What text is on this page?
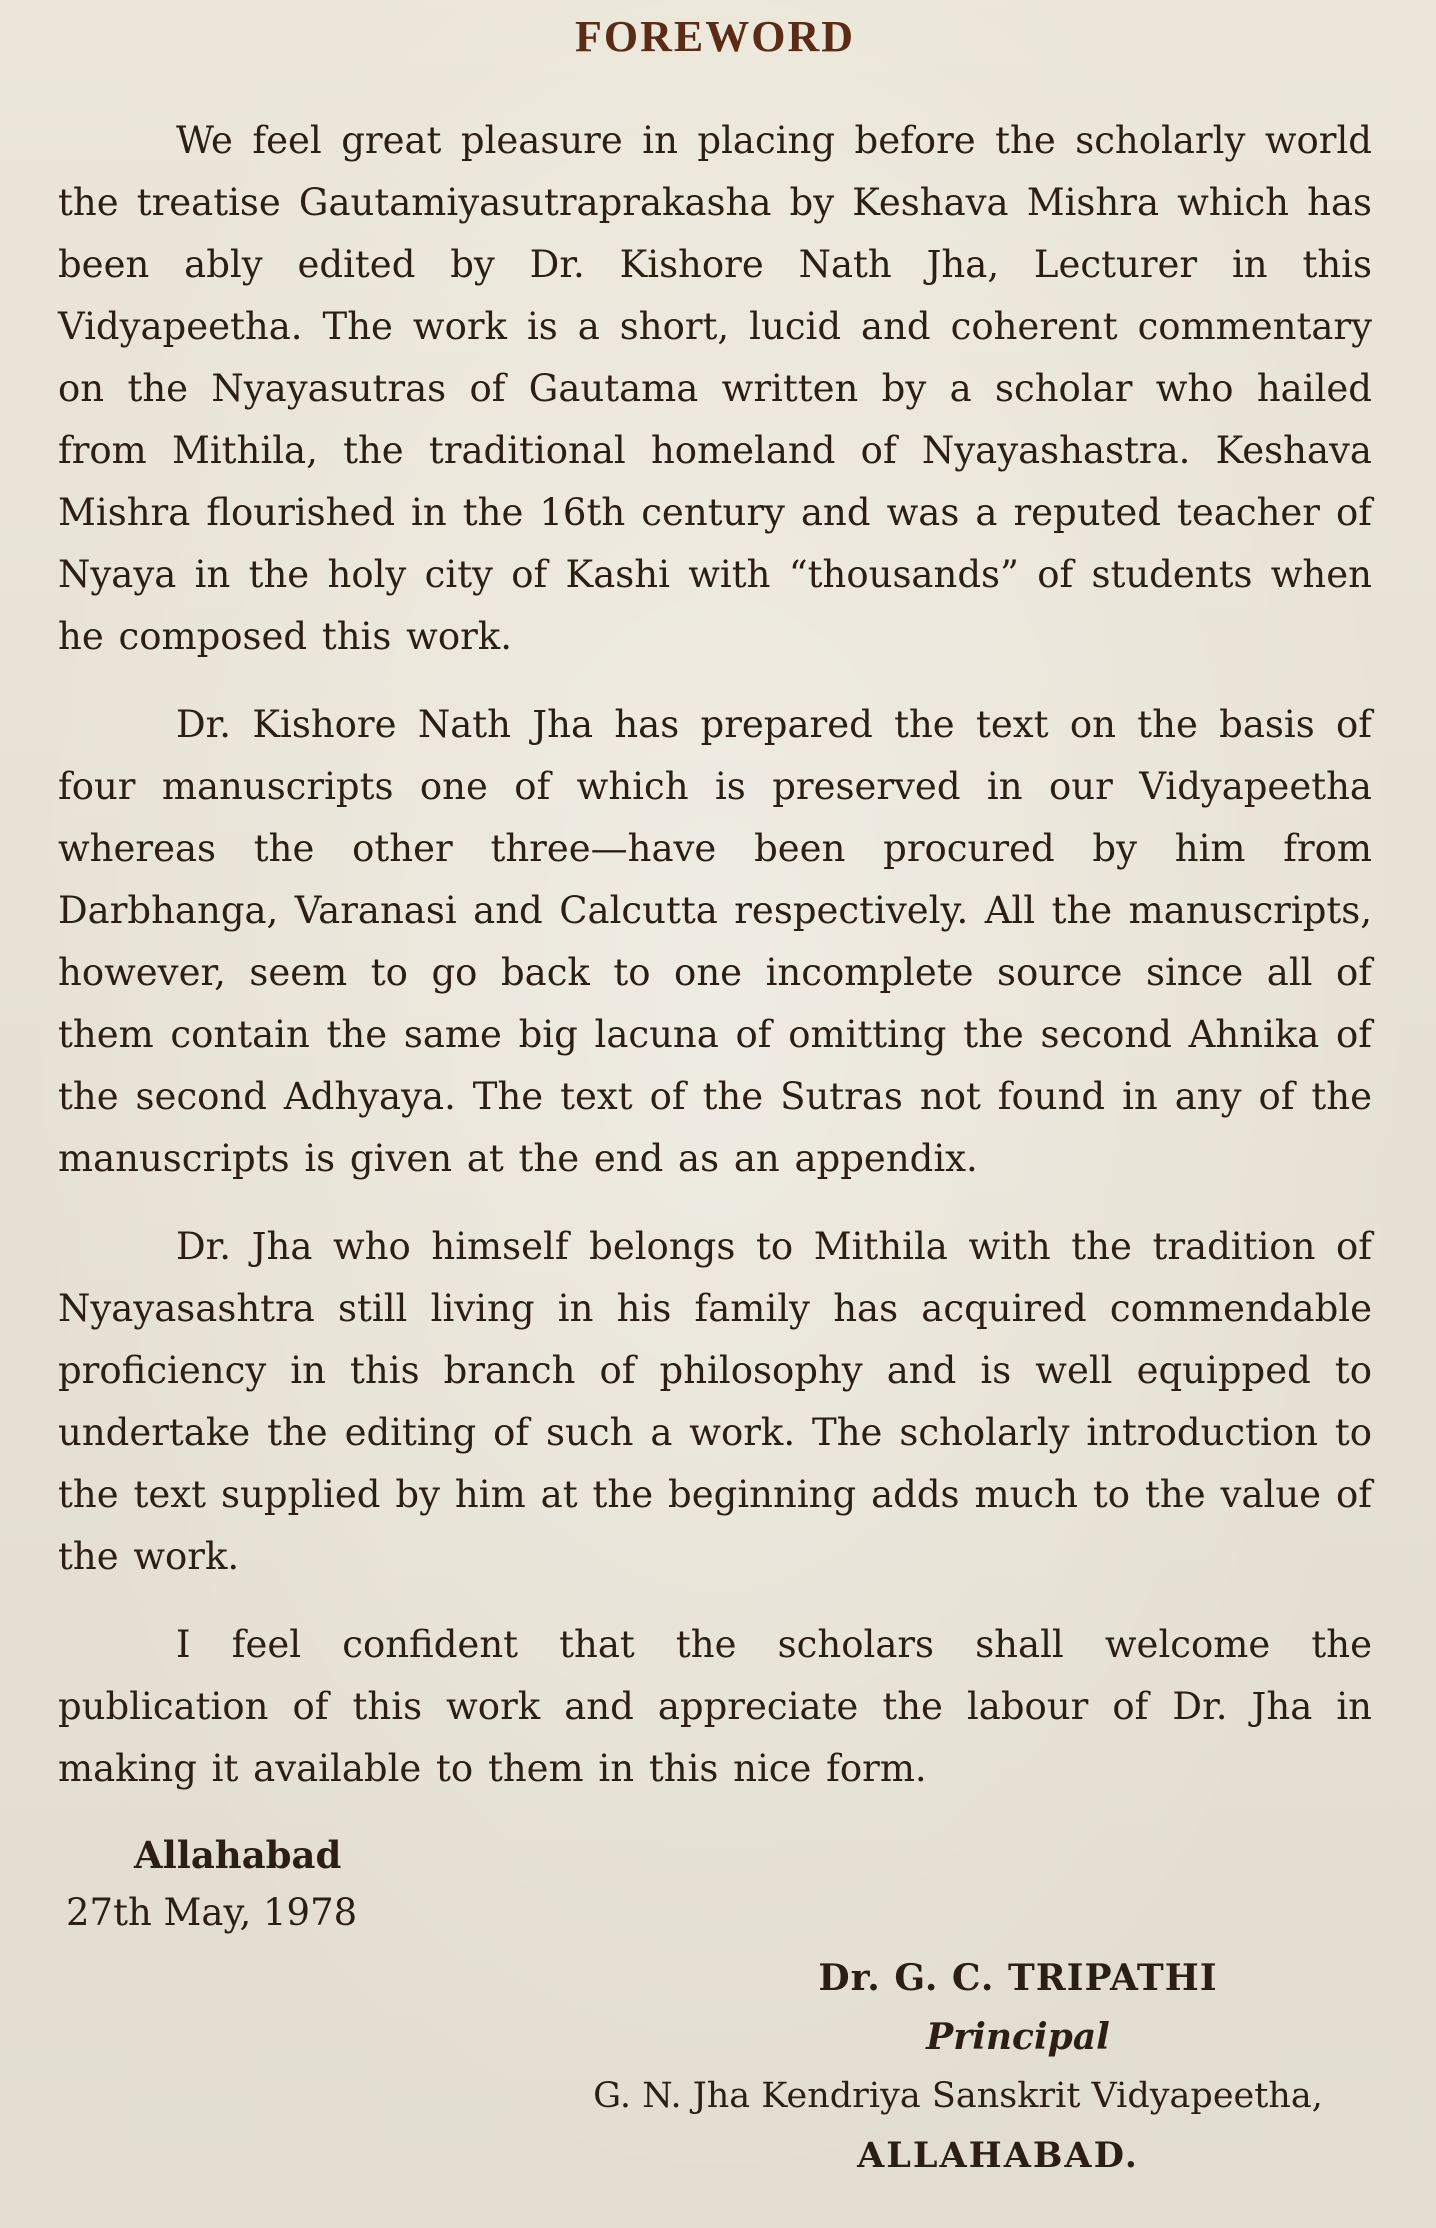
FOREWORD

We feel great pleasure in placing before the scholarly world the treatise Gautamiyasutraprakasha by Keshava Mishra which has been ably edited by Dr. Kishore Nath Jha, Lecturer in this Vidyapeetha. The work is a short, lucid and coherent commentary on the Nyayasutras of Gautama written by a scholar who hailed from Mithila, the traditional homeland of Nyayashastra. Keshava Mishra flourished in the 16th century and was a reputed teacher of Nyaya in the holy city of Kashi with “thousands” of students when he composed this work.

Dr. Kishore Nath Jha has prepared the text on the basis of four manuscripts one of which is preserved in our Vidyapeetha whereas the other three—have been procured by him from Darbhanga, Varanasi and Calcutta respectively. All the manuscripts, however, seem to go back to one incomplete source since all of them contain the same big lacuna of omitting the second Ahnika of the second Adhyaya. The text of the Sutras not found in any of the manuscripts is given at the end as an appendix.

Dr. Jha who himself belongs to Mithila with the tradition of Nyayasashtra still living in his family has acquired commendable proficiency in this branch of philosophy and is well equipped to undertake the editing of such a work. The scholarly introduction to the text supplied by him at the beginning adds much to the value of the work.

I feel confident that the scholars shall welcome the publication of this work and appreciate the labour of Dr. Jha in making it available to them in this nice form.

Allahabad
27th May, 1978
Dr. G. C. TRIPATHI
Principal
G. N. Jha Kendriya Sanskrit Vidyapeetha,
ALLAHABAD.
